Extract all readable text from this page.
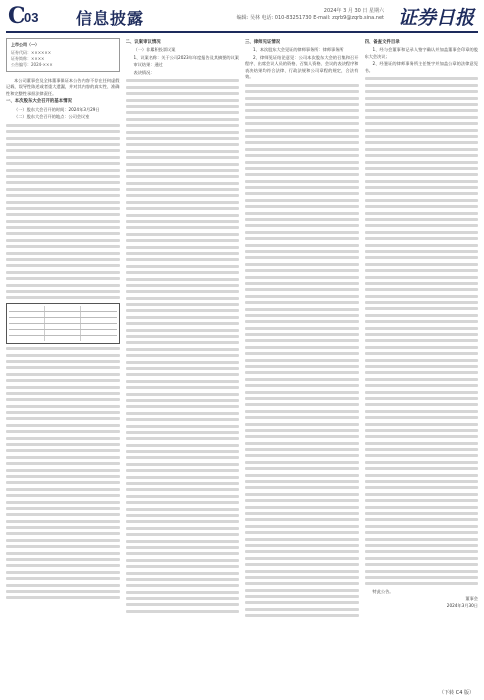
C
03 信息披露	2024年 3 月 30 日 星期六
编辑: 吴林 电话: 010-83251730 E-mail: zqrb9@zqrb.sina.net 证券日报
上市公司（一）
证券代码：××××××
证券简称：××××
公告编号：2024-×××

本公司董事会及全体董事保证本公告内容不存在任何虚假记载、误导性陈述或者重大遗漏，并对其内容的真实性、准确性和完整性承担法律责任。

一、本次股东大会召开的基本情况

（一）股东大会召开的时间：2024年3月29日

（二）股东大会召开的地点：公司会议室

二、议案审议情况

（一）非累积投票议案

1、议案名称：关于公司2023年年度报告及其摘要的议案

审议结果：通过

表决情况：

三、律师见证情况

1、本次股东大会见证的律师事务所：律师事务所

2、律师见证结论意见：公司本次股东大会的召集和召开程序、出席会议人员的资格、召集人资格、会议的表决程序和表决结果均符合法律、行政法规和公司章程的规定，合法有效。

四、备查文件目录

1、经与会董事和记录人签字确认并加盖董事会印章的股东大会决议；

2、经鉴证的律师事务所主任签字并加盖公章的法律意见书。

特此公告。

董事会

2024年3月30日

（下转 C4 版）
